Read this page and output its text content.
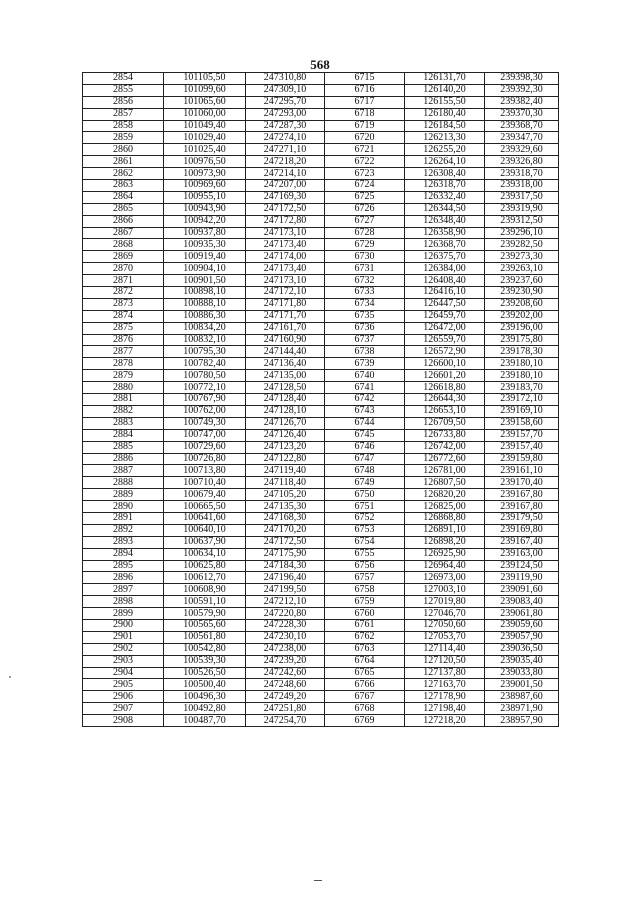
568
2854	101105,50	247310,80	6715	126131,70	239398,30
2855	101099,60	247309,10	6716	126140,20	239392,30
2856	101065,60	247295,70	6717	126155,50	239382,40
2857	101060,00	247293,00	6718	126180,40	239370,30
2858	101049,40	247287,30	6719	126184,50	239368,70
2859	101029,40	247274,10	6720	126213,30	239347,70
2860	101025,40	247271,10	6721	126255,20	239329,60
2861	100976,50	247218,20	6722	126264,10	239326,80
2862	100973,90	247214,10	6723	126308,40	239318,70
2863	100969,60	247207,00	6724	126318,70	239318,00
2864	100955,10	247169,30	6725	126332,40	239317,50
2865	100943,90	247172,50	6726	126344,50	239319,90
2866	100942,20	247172,80	6727	126348,40	239312,50
2867	100937,80	247173,10	6728	126358,90	239296,10
2868	100935,30	247173,40	6729	126368,70	239282,50
2869	100919,40	247174,00	6730	126375,70	239273,30
2870	100904,10	247173,40	6731	126384,00	239263,10
2871	100901,50	247173,10	6732	126408,40	239237,60
2872	100898,10	247172,10	6733	126416,10	239230,90
2873	100888,10	247171,80	6734	126447,50	239208,60
2874	100886,30	247171,70	6735	126459,70	239202,00
2875	100834,20	247161,70	6736	126472,00	239196,00
2876	100832,10	247160,90	6737	126559,70	239175,80
2877	100795,30	247144,40	6738	126572,90	239178,30
2878	100782,40	247136,40	6739	126600,10	239180,10
2879	100780,50	247135,00	6740	126601,20	239180,10
2880	100772,10	247128,50	6741	126618,80	239183,70
2881	100767,90	247128,40	6742	126644,30	239172,10
2882	100762,00	247128,10	6743	126653,10	239169,10
2883	100749,30	247126,70	6744	126709,50	239158,60
2884	100747,00	247126,40	6745	126733,80	239157,70
2885	100729,60	247123,20	6746	126742,00	239157,40
2886	100726,80	247122,80	6747	126772,60	239159,80
2887	100713,80	247119,40	6748	126781,00	239161,10
2888	100710,40	247118,40	6749	126807,50	239170,40
2889	100679,40	247105,20	6750	126820,20	239167,80
2890	100665,50	247135,30	6751	126825,00	239167,80
2891	100641,60	247168,30	6752	126868,80	239179,50
2892	100640,10	247170,20	6753	126891,10	239169,80
2893	100637,90	247172,50	6754	126898,20	239167,40
2894	100634,10	247175,90	6755	126925,90	239163,00
2895	100625,80	247184,30	6756	126964,40	239124,50
2896	100612,70	247196,40	6757	126973,00	239119,90
2897	100608,90	247199,50	6758	127003,10	239091,60
2898	100591,10	247212,10	6759	127019,80	239083,40
2899	100579,90	247220,80	6760	127046,70	239061,80
2900	100565,60	247228,30	6761	127050,60	239059,60
2901	100561,80	247230,10	6762	127053,70	239057,90
2902	100542,80	247238,00	6763	127114,40	239036,50
2903	100539,30	247239,20	6764	127120,50	239035,40
2904	100526,50	247242,60	6765	127137,80	239033,80
2905	100500,40	247248,60	6766	127163,70	239001,50
2906	100496,30	247249,20	6767	127178,90	238987,60
2907	100492,80	247251,80	6768	127198,40	238971,90
2908	100487,70	247254,70	6769	127218,20	238957,90
